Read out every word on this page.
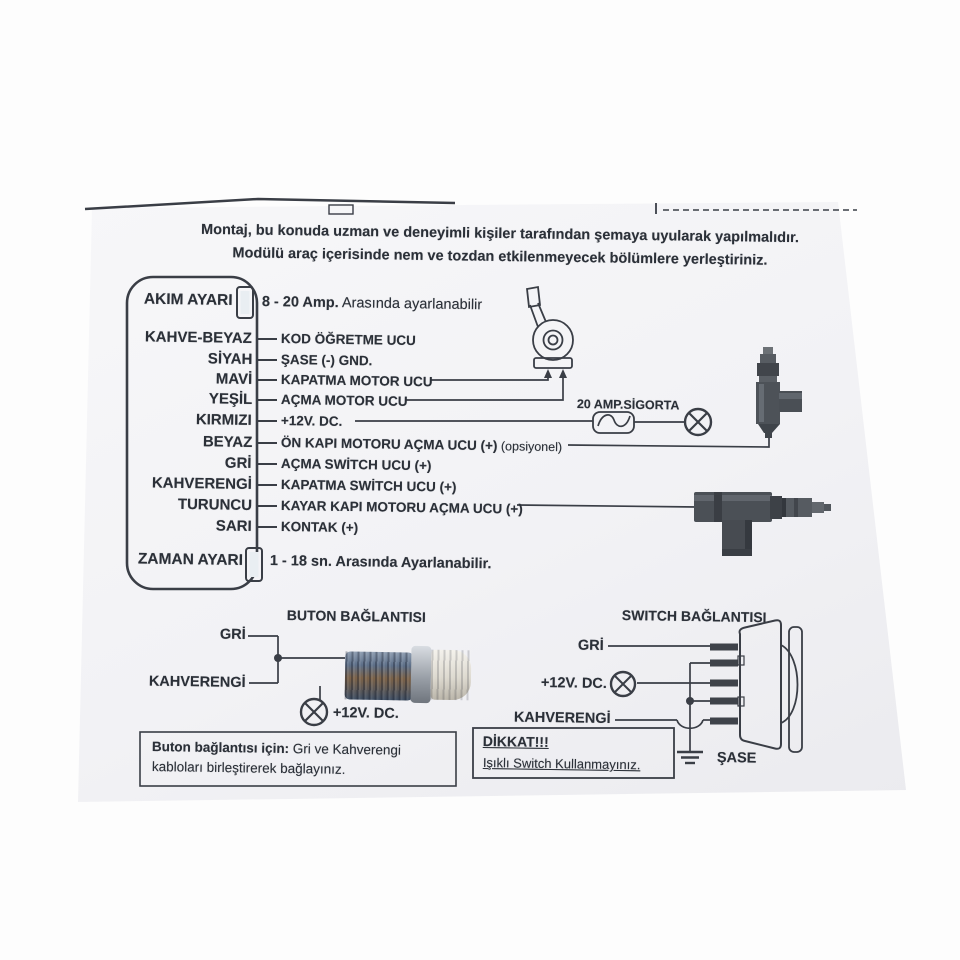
Montaj, bu konuda uzman ve deneyimli kişiler tarafından şemaya uyularak yapılmalıdır.
Modülü araç içerisinde nem ve tozdan etkilenmeyecek bölümlere yerleştiriniz.
AKIM AYARI 8 - 20 Amp. Arasında ayarlanabilir
KAHVE-BEYAZ
SİYAH
MAVİ
YEŞİL
KIRMIZI
BEYAZ
GRİ
KAHVERENGİ
TURUNCU
SARI
KOD ÖĞRETME UCU
ŞASE (-) GND.
KAPATMA MOTOR UCU
AÇMA MOTOR UCU
+12V. DC.
ÖN KAPI MOTORU AÇMA UCU (+) (opsiyonel)
AÇMA SWİTCH UCU (+)
KAPATMA SWİTCH UCU (+)
KAYAR KAPI MOTORU AÇMA UCU (+)
KONTAK (+)
ZAMAN AYARI 1 - 18 sn. Arasında Ayarlanabilir.
20 AMP.SİGORTA
BUTON BAĞLANTISI
GRİ
KAHVERENGİ
+12V. DC.
Buton bağlantısı için: Gri ve Kahverengi
kabloları birleştirerek bağlayınız.
SWITCH BAĞLANTISI
GRİ
+12V. DC.
KAHVERENGİ
ŞASE
DİKKAT!!!
Işıklı Switch Kullanmayınız.
